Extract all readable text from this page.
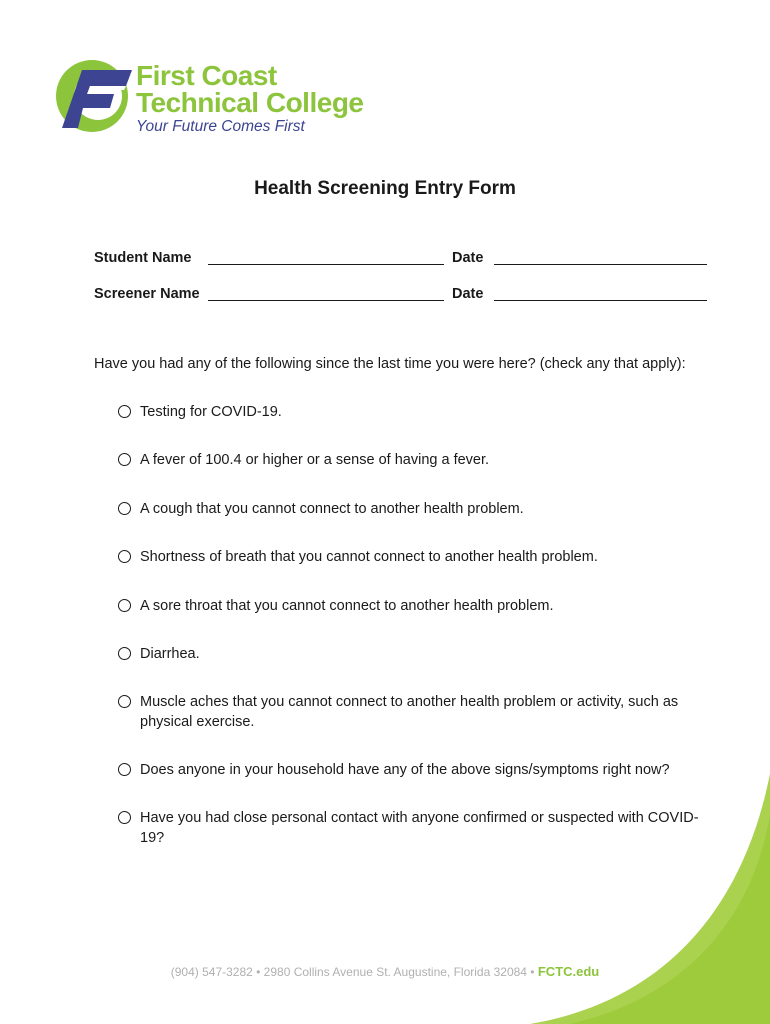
First Coast
Technical College
Your Future Comes First
Health Screening Entry Form
Student Name	Date
Screener Name	Date
Have you had any of the following since the last time you were here? (check any that apply):
Testing for COVID-19.
A fever of 100.4 or higher or a sense of having a fever.
A cough that you cannot connect to another health problem.
Shortness of breath that you cannot connect to another health problem.
A sore throat that you cannot connect to another health problem.
Diarrhea.
Muscle aches that you cannot connect to another health problem or activity, such as physical exercise.
Does anyone in your household have any of the above signs/symptoms right now?
Have you had close personal contact with anyone confirmed or suspected with COVID-19?
(904) 547-3282 • 2980 Collins Avenue St. Augustine, Florida 32084 • FCTC.edu
